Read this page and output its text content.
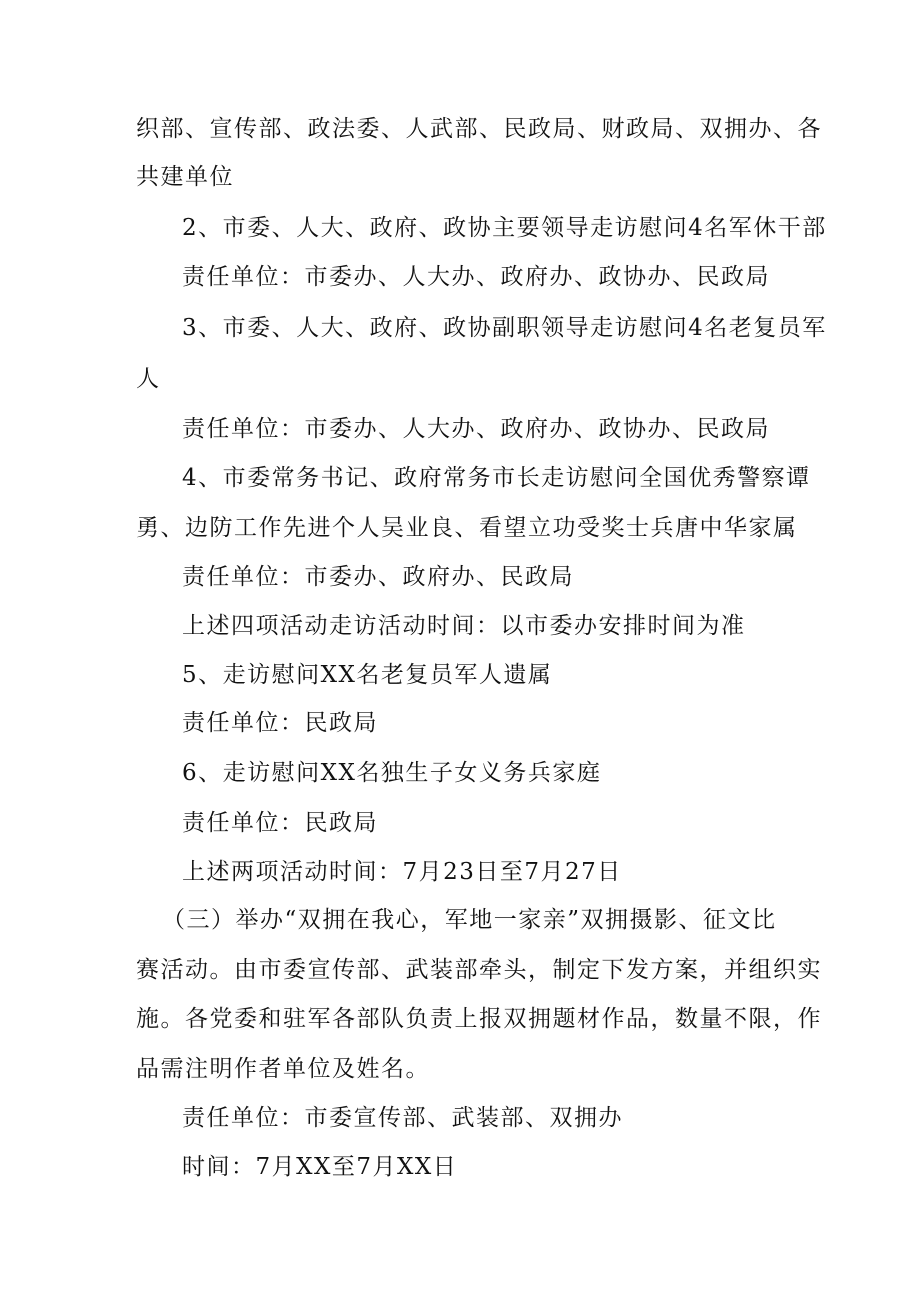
织部、宣传部、政法委、人武部、民政局、财政局、双拥办、各
共建单位
2、市委、人大、政府、政协主要领导走访慰问4名军休干部
责任单位：市委办、人大办、政府办、政协办、民政局
3、市委、人大、政府、政协副职领导走访慰问4名老复员军
人
责任单位：市委办、人大办、政府办、政协办、民政局
4、市委常务书记、政府常务市长走访慰问全国优秀警察谭
勇、边防工作先进个人吴业良、看望立功受奖士兵唐中华家属
责任单位：市委办、政府办、民政局
上述四项活动走访活动时间：以市委办安排时间为准
5、走访慰问XX名老复员军人遗属
责任单位：民政局
6、走访慰问XX名独生子女义务兵家庭
责任单位：民政局
上述两项活动时间：7月23日至7月27日
（三）举办“双拥在我心，军地一家亲”双拥摄影、征文比
赛活动。由市委宣传部、武装部牵头，制定下发方案，并组织实
施。各党委和驻军各部队负责上报双拥题材作品，数量不限，作
品需注明作者单位及姓名。
责任单位：市委宣传部、武装部、双拥办
时间：7月XX至7月XX日
